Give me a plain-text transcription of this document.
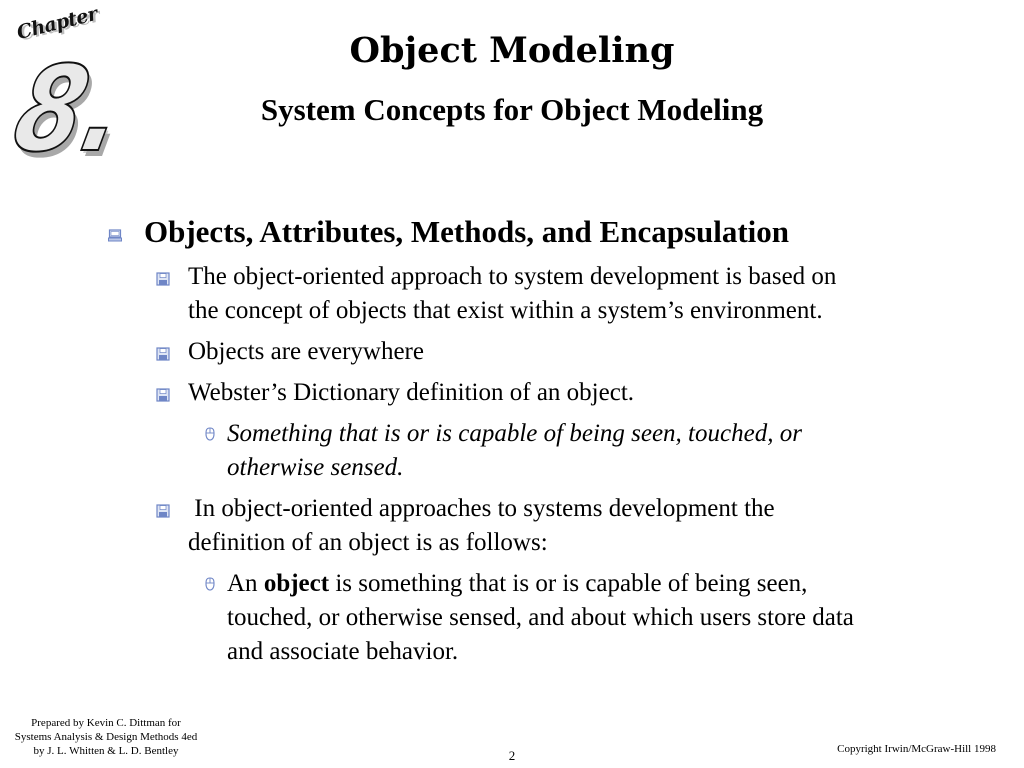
Chapter
8.	Object Modeling
System Concepts for Object Modeling
Objects, Attributes, Methods, and Encapsulation
The object-oriented approach to system development is based on
the concept of objects that exist within a system’s environment.
Objects are everywhere
Webster’s Dictionary definition of an object.
Something that is or is capable of being seen, touched, or
otherwise sensed.
In object-oriented approaches to systems development the
definition of an object is as follows:
An object is something that is or is capable of being seen,
touched, or otherwise sensed, and about which users store data
and associate behavior.
Prepared by Kevin C. Dittman for
Systems Analysis & Design Methods 4ed
by J. L. Whitten & L. D. Bentley	2	Copyright Irwin/McGraw-Hill 1998
